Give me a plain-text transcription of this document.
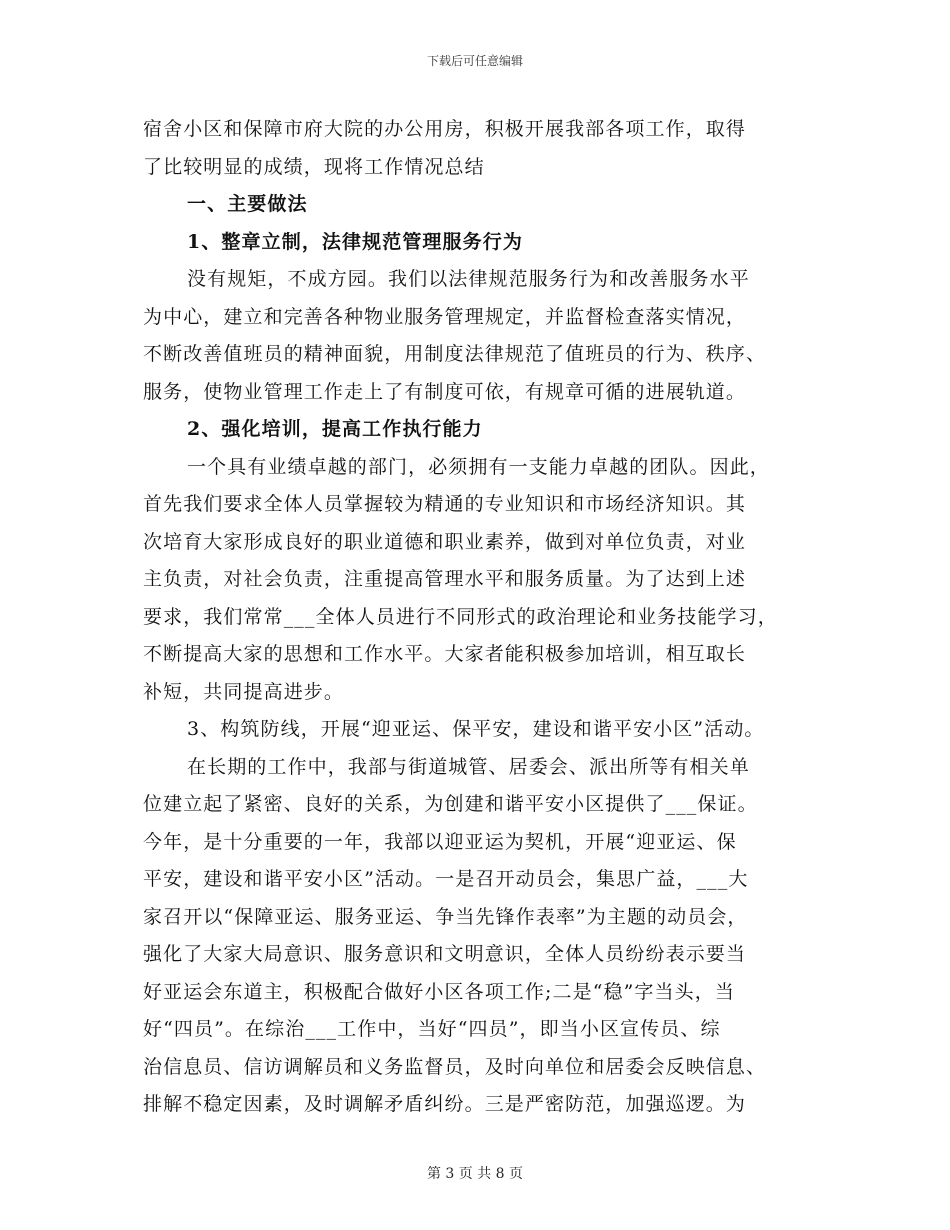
下载后可任意编辑
宿舍小区和保障市府大院的办公用房，积极开展我部各项工作，取得
了比较明显的成绩，现将工作情况总结
一、主要做法
1、整章立制，法律规范管理服务行为
没有规矩，不成方园。我们以法律规范服务行为和改善服务水平
为中心，建立和完善各种物业服务管理规定，并监督检查落实情况，
不断改善值班员的精神面貌，用制度法律规范了值班员的行为、秩序、
服务，使物业管理工作走上了有制度可依，有规章可循的进展轨道。
2、强化培训，提高工作执行能力
一个具有业绩卓越的部门，必须拥有一支能力卓越的团队。因此，
首先我们要求全体人员掌握较为精通的专业知识和市场经济知识。其
次培育大家形成良好的职业道德和职业素养，做到对单位负责，对业
主负责，对社会负责，注重提高管理水平和服务质量。为了达到上述
要求，我们常常___全体人员进行不同形式的政治理论和业务技能学习，
不断提高大家的思想和工作水平。大家者能积极参加培训，相互取长
补短，共同提高进步。
3、构筑防线，开展“迎亚运、保平安，建设和谐平安小区”活动。
在长期的工作中，我部与街道城管、居委会、派出所等有相关单
位建立起了紧密、良好的关系，为创建和谐平安小区提供了___保证。
今年，是十分重要的一年，我部以迎亚运为契机，开展“迎亚运、保
平安，建设和谐平安小区”活动。一是召开动员会，集思广益，___大
家召开以“保障亚运、服务亚运、争当先锋作表率”为主题的动员会，
强化了大家大局意识、服务意识和文明意识，全体人员纷纷表示要当
好亚运会东道主，积极配合做好小区各项工作;二是“稳”字当头，当
好“四员”。在综治___工作中，当好“四员”，即当小区宣传员、综
治信息员、信访调解员和义务监督员，及时向单位和居委会反映信息、
排解不稳定因素，及时调解矛盾纠纷。三是严密防范，加强巡逻。为
第 3 页 共 8 页
